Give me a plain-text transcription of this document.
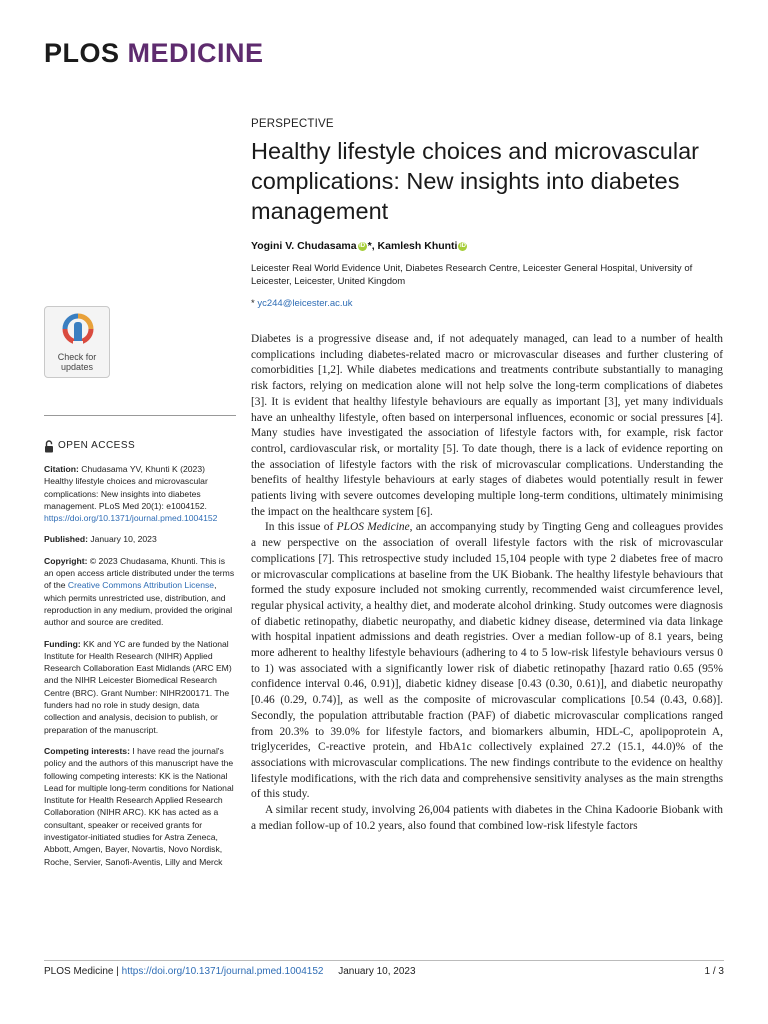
PLOS MEDICINE
PERSPECTIVE
Healthy lifestyle choices and microvascular complications: New insights into diabetes management
Yogini V. Chudasama iD *, Kamlesh Khunti iD
Leicester Real World Evidence Unit, Diabetes Research Centre, Leicester General Hospital, University of Leicester, Leicester, United Kingdom
* yc244@leicester.ac.uk
Check for
updates
OPEN ACCESS
Citation: Chudasama YV, Khunti K (2023) Healthy lifestyle choices and microvascular complications: New insights into diabetes management. PLoS Med 20(1): e1004152. https://doi.org/10.1371/journal.pmed.1004152
Published: January 10, 2023
Copyright: © 2023 Chudasama, Khunti. This is an open access article distributed under the terms of the Creative Commons Attribution License, which permits unrestricted use, distribution, and reproduction in any medium, provided the original author and source are credited.
Funding: KK and YC are funded by the National Institute for Health Research (NIHR) Applied Research Collaboration East Midlands (ARC EM) and the NIHR Leicester Biomedical Research Centre (BRC). Grant Number: NIHR200171. The funders had no role in study design, data collection and analysis, decision to publish, or preparation of the manuscript.
Competing interests: I have read the journal's policy and the authors of this manuscript have the following competing interests: KK is the National Lead for multiple long-term conditions for National Institute for Health Research Applied Research Collaboration (NIHR ARC). KK has acted as a consultant, speaker or received grants for investigator-initiated studies for Astra Zeneca, Abbott, Amgen, Bayer, Novartis, Novo Nordisk, Roche, Servier, Sanofi-Aventis, Lilly and Merck

Diabetes is a progressive disease and, if not adequately managed, can lead to a number of health complications including diabetes-related macro or microvascular diseases and further clustering of comorbidities [1,2]. While diabetes medications and treatments contribute substantially to managing risk factors, relying on medication alone will not help solve the long-term complications of diabetes [3]. It is evident that healthy lifestyle behaviours are equally as important [3], yet many individuals have an unhealthy lifestyle, often based on interpersonal influences, economic or social pressures [4]. Many studies have investigated the association of lifestyle factors with, for example, risk factor control, cardiovascular risk, or mortality [5]. To date though, there is a lack of evidence reporting on the association of lifestyle factors with the risk of microvascular complications. Understanding the benefits of healthy lifestyle behaviours at early stages of diabetes would potentially result in fewer patients living with severe outcomes developing multiple long-term conditions, ultimately minimising the impact on the healthcare system [6].

In this issue of PLOS Medicine, an accompanying study by Tingting Geng and colleagues provides a new perspective on the association of overall lifestyle factors with the risk of microvascular complications [7]. This retrospective study included 15,104 people with type 2 diabetes free of macro or microvascular complications at baseline from the UK Biobank. The healthy lifestyle behaviours that formed the study exposure included not smoking currently, recommended waist circumference level, regular physical activity, a healthy diet, and moderate alcohol drinking. Study outcomes were diagnosis of diabetic retinopathy, diabetic neuropathy, and diabetic kidney disease, determined via data linkage with hospital inpatient admissions and death registries. Over a median follow-up of 8.1 years, being more adherent to healthy lifestyle behaviours (adhering to 4 to 5 low-risk lifestyle behaviours versus 0 to 1) was associated with a significantly lower risk of diabetic retinopathy [hazard ratio 0.65 (95% confidence interval 0.46, 0.91)], diabetic kidney disease [0.43 (0.30, 0.61)], and diabetic neuropathy [0.46 (0.29, 0.74)], as well as the composite of microvascular complications [0.54 (0.43, 0.68)]. Secondly, the population attributable fraction (PAF) of diabetic microvascular complications ranged from 20.3% to 39.0% for lifestyle factors, and biomarkers albumin, HDL-C, apolipoprotein A, triglycerides, C-reactive protein, and HbA1c collectively explained 27.2 (15.1, 44.0)% of the associations with microvascular complications. The new findings contribute to the evidence on healthy lifestyle modifications, with the rich data and comprehensive sensitivity analyses as the main strengths of this study.

A similar recent study, involving 26,004 patients with diabetes in the China Kadoorie Biobank with a median follow-up of 10.2 years, also found that combined low-risk lifestyle factors

PLOS Medicine | https://doi.org/10.1371/journal.pmed.1004152 January 10, 2023	1 / 3
